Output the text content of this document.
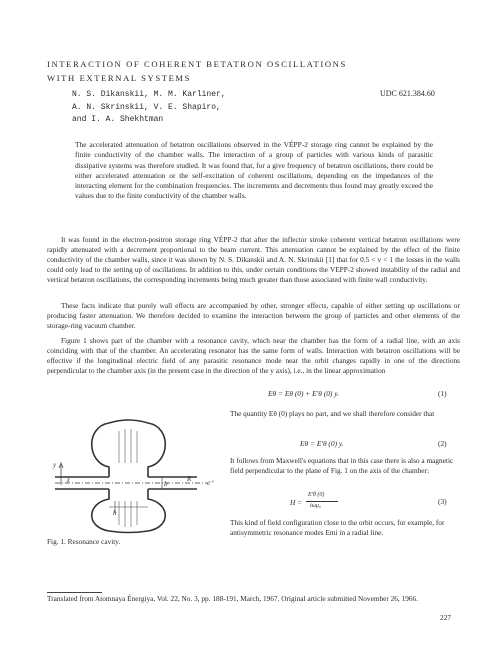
INTERACTION OF COHERENT BETATRON OSCILLATIONS
WITH EXTERNAL SYSTEMS
N. S. Dikanskii, M. M. Karliner,
A. N. Skrinskii, V. E. Shapiro,
and I. A. Shekhtman
UDC 621.384.60
The accelerated attenuation of betatron oscillations observed in the VÉPP-2 storage ring cannot be explained by the finite conductivity of the chamber walls. The interaction of a group of particles with various kinds of parasitic dissipative systems was therefore studied. It was found that, for a give frequency of betatron oscillations, there could be either accelerated attenuation or the self-excitation of coherent oscillations, depending on the impedances of the interacting element for the combination frequencies. The increments and decrements thus found may greatly exceed the values due to the finite conductivity of the chamber walls.

It was found in the electron-positron storage ring VÉPP-2 that after the inflector stroke coherent vertical betatron oscillations were rapidly attenuated with a decrement proportional to the beam current. This attenuation cannot be explained by the effect of the finite conductivity of the chamber walls, since it was shown by N. S. Dikanskii and A. N. Skrinskii [1] that for 0.5 < ν < 1 the losses in the walls could only lead to the setting up of oscillations. In addition to this, under certain conditions the VEPP-2 showed instability of the radial and vertical betatron oscillations, the corresponding increments being much greater than those associated with finite wall conductivity.

These facts indicate that purely wall effects are accompanied by other, stronger effects, capable of either setting up oscillations or producing faster attenuation. We therefore decided to examine the interaction between the group of particles and other elements of the storage-ring vacuum chamber.

Figure 1 shows part of the chamber with a resonance cavity, which near the chamber has the form of a radial line, with an axis coinciding with that of the chamber. An accelerating resonator has the same form of walls. Interaction with betatron oscillations will be effective if the longitudinal electric field of any parasitic resonance mode near the orbit changes rapidly in one of the directions perpendicular to the chamber axis (in the present case in the direction of the y axis), i.e., in the linear approximation

Eθ = Eθ (0) + E′θ (0) y.	(1)
y
R
z
h
b	e⁺
The quantity Eθ (0) plays no part, and we shall therefore consider that
Eθ = E′θ (0) y.	(2)
It follows from Maxwell's equations that in this case there is also a magnetic field perpendicular to the plane of Fig. 1 on the axis of the chamber:
H =
E′θ (0)
iωμ₀	(3)
This kind of field configuration close to the orbit occurs, for example, for antisymmetric resonance modes Emi in a radial line.
Fig. 1. Resonance cavity.
Translated from Atomnaya Énergiya, Vol. 22, No. 3, pp. 188-191, March, 1967. Original article submitted November 26, 1966.
227
